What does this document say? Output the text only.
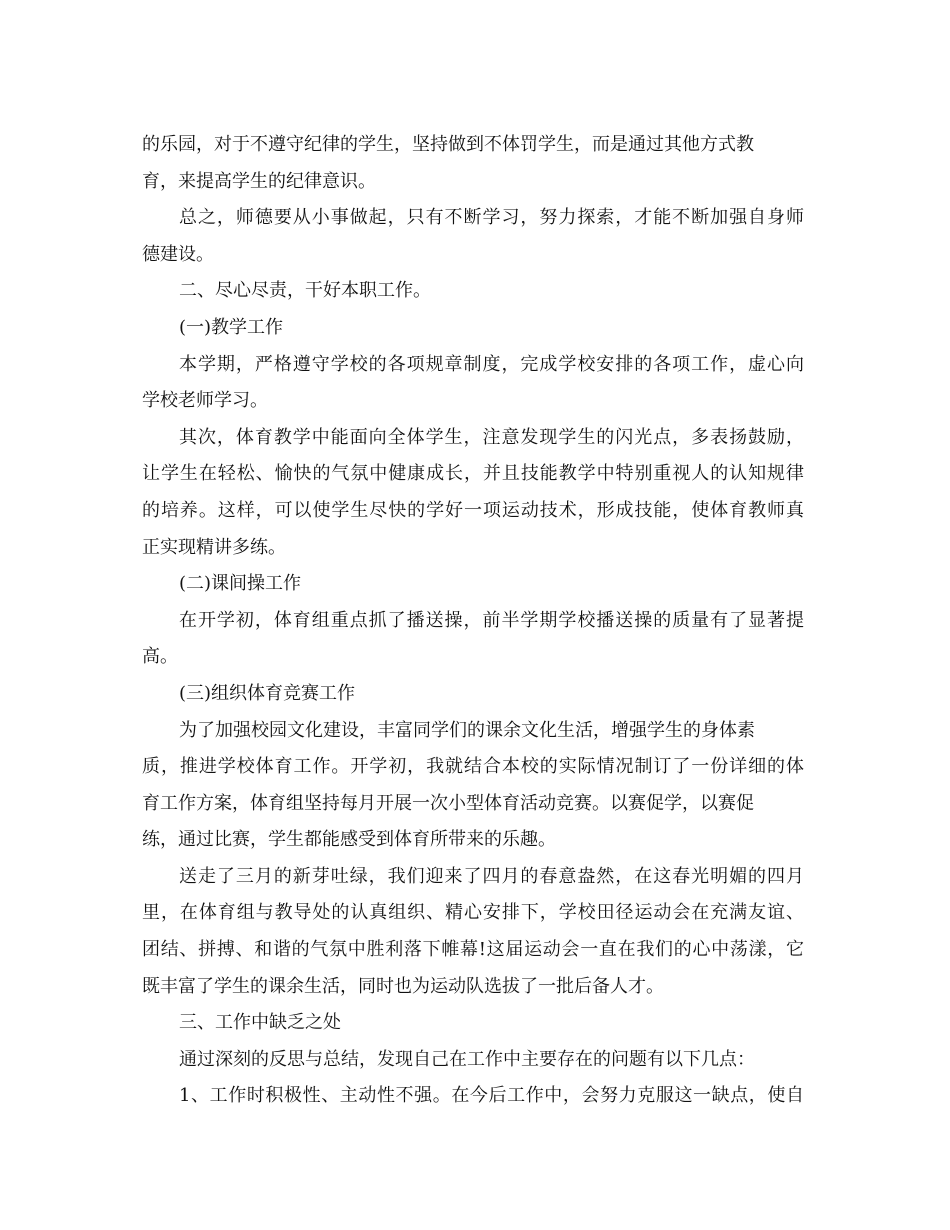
的乐园，对于不遵守纪律的学生，坚持做到不体罚学生，而是通过其他方式教
育，来提高学生的纪律意识。
总之，师德要从小事做起，只有不断学习，努力探索，才能不断加强自身师
德建设。
二、尽心尽责，干好本职工作。
(一)教学工作
本学期，严格遵守学校的各项规章制度，完成学校安排的各项工作，虚心向
学校老师学习。
其次，体育教学中能面向全体学生，注意发现学生的闪光点，多表扬鼓励，
让学生在轻松、愉快的气氛中健康成长，并且技能教学中特别重视人的认知规律
的培养。这样，可以使学生尽快的学好一项运动技术，形成技能，使体育教师真
正实现精讲多练。
(二)课间操工作
在开学初，体育组重点抓了播送操，前半学期学校播送操的质量有了显著提
高。
(三)组织体育竞赛工作
为了加强校园文化建设，丰富同学们的课余文化生活，增强学生的身体素
质，推进学校体育工作。开学初，我就结合本校的实际情况制订了一份详细的体
育工作方案，体育组坚持每月开展一次小型体育活动竞赛。以赛促学，以赛促
练，通过比赛，学生都能感受到体育所带来的乐趣。
送走了三月的新芽吐绿，我们迎来了四月的春意盎然，在这春光明媚的四月
里，在体育组与教导处的认真组织、精心安排下，学校田径运动会在充满友谊、
团结、拼搏、和谐的气氛中胜利落下帷幕!这届运动会一直在我们的心中荡漾，它
既丰富了学生的课余生活，同时也为运动队选拔了一批后备人才。
三、工作中缺乏之处
通过深刻的反思与总结，发现自己在工作中主要存在的问题有以下几点：
1、工作时积极性、主动性不强。在今后工作中，会努力克服这一缺点，使自
